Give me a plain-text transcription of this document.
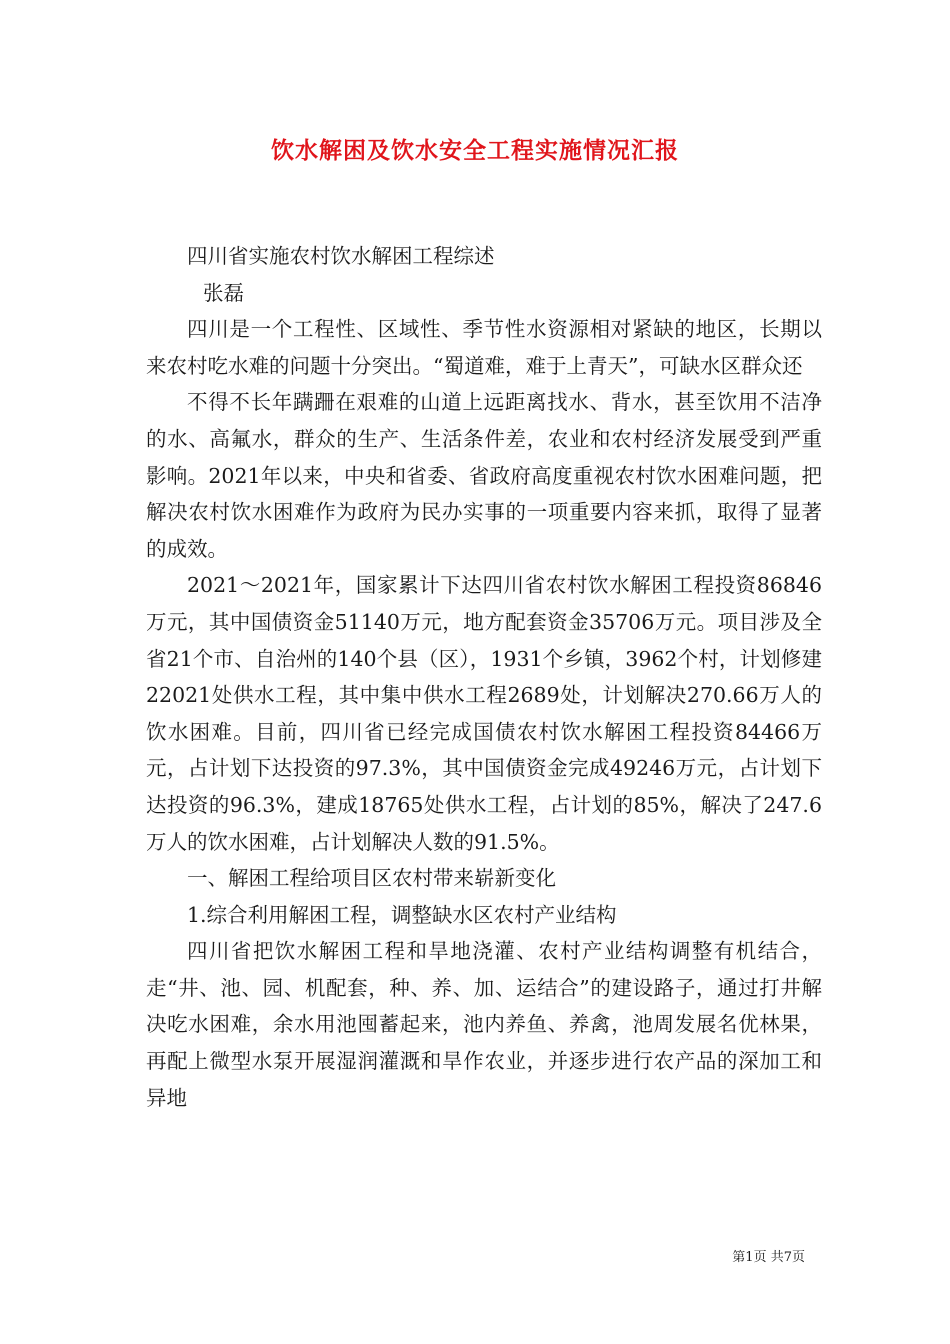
饮水解困及饮水安全工程实施情况汇报

四川省实施农村饮水解困工程综述

张磊

四川是一个工程性、区域性、季节性水资源相对紧缺的地区，长期以来农村吃水难的问题十分突出。“蜀道难，难于上青天”，可缺水区群众还

不得不长年蹒跚在艰难的山道上远距离找水、背水，甚至饮用不洁净的水、高氟水，群众的生产、生活条件差，农业和农村经济发展受到严重影响。2021年以来，中央和省委、省政府高度重视农村饮水困难问题，把解决农村饮水困难作为政府为民办实事的一项重要内容来抓，取得了显著的成效。

2021～2021年，国家累计下达四川省农村饮水解困工程投资86846万元，其中国债资金51140万元，地方配套资金35706万元。项目涉及全省21个市、自治州的140个县（区），1931个乡镇，3962个村，计划修建22021处供水工程，其中集中供水工程2689处，计划解决270.66万人的饮水困难。目前，四川省已经完成国债农村饮水解困工程投资84466万元，占计划下达投资的97.3%，其中国债资金完成49246万元，占计划下达投资的96.3%，建成18765处供水工程，占计划的85%，解决了247.6万人的饮水困难，占计划解决人数的91.5%。

一、解困工程给项目区农村带来崭新变化

1.综合利用解困工程，调整缺水区农村产业结构

四川省把饮水解困工程和旱地浇灌、农村产业结构调整有机结合，走“井、池、园、机配套，种、养、加、运结合”的建设路子，通过打井解决吃水困难，余水用池囤蓄起来，池内养鱼、养禽，池周发展名优林果，再配上微型水泵开展湿润灌溉和旱作农业，并逐步进行农产品的深加工和异地

第1页 共7页
